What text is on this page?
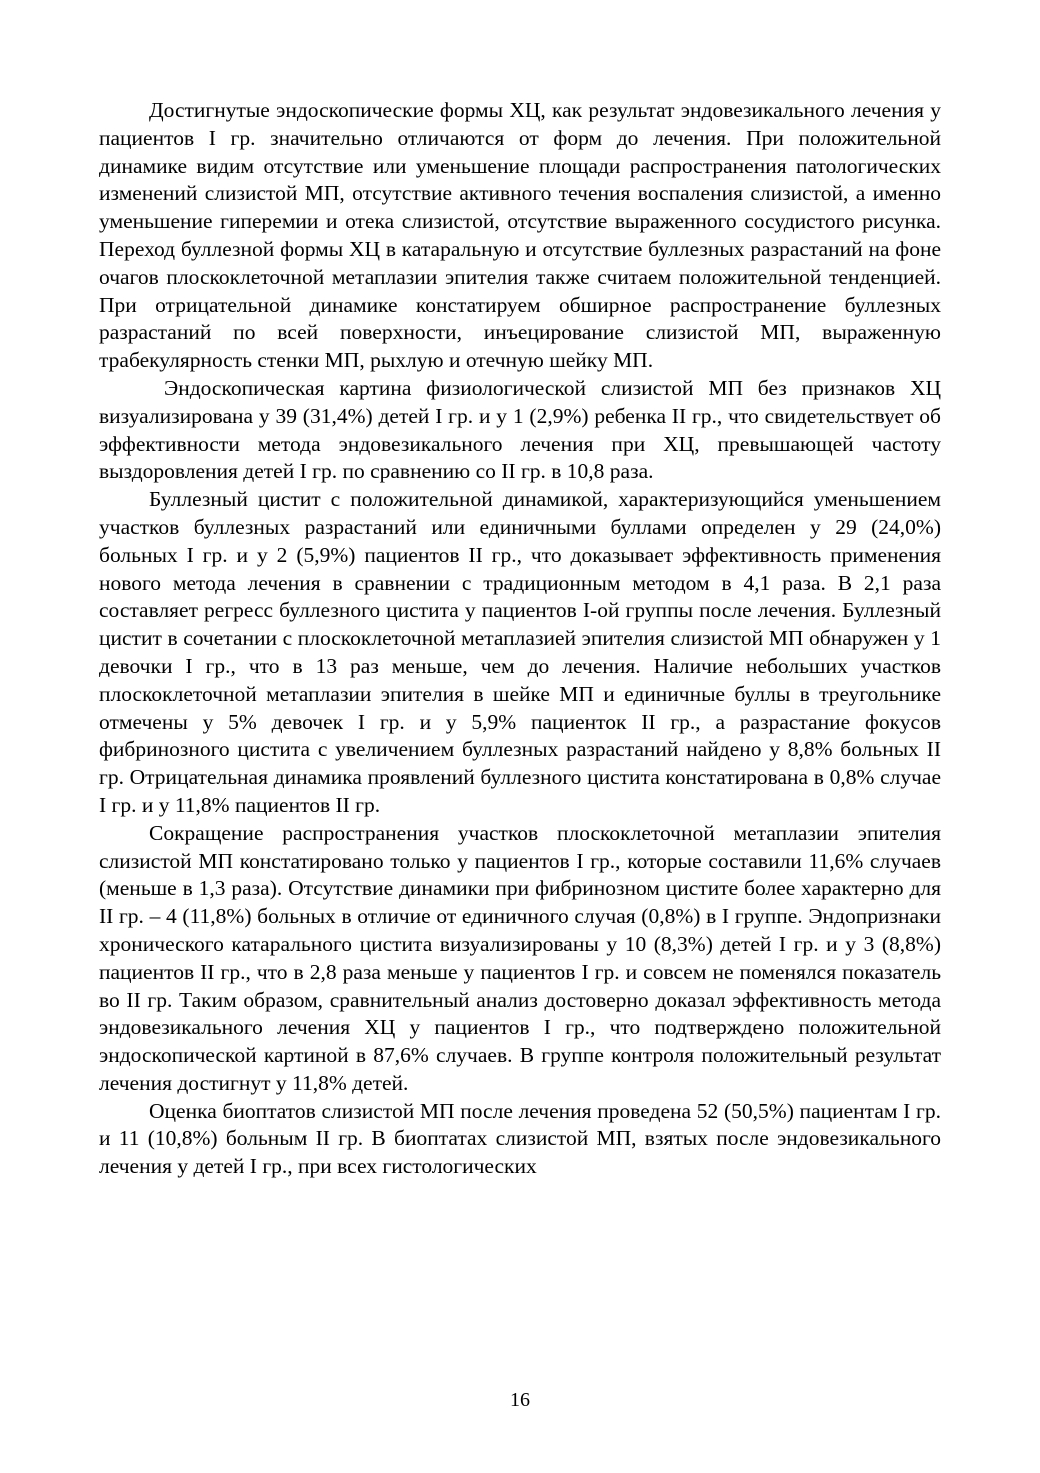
Достигнутые эндоскопические формы ХЦ, как результат эндовезикального лечения у пациентов I гр. значительно отличаются от форм до лечения. При положительной динамике видим отсутствие или уменьшение площади распространения патологических изменений слизистой МП, отсутствие активного течения воспаления слизистой, а именно уменьшение гиперемии и отека слизистой, отсутствие выраженного сосудистого рисунка. Переход буллезной формы ХЦ в катаральную и отсутствие буллезных разрастаний на фоне очагов плоскоклеточной метаплазии эпителия также считаем положительной тенденцией. При отрицательной динамике констатируем обширное распространение буллезных разрастаний по всей поверхности, инъецирование слизистой МП, выраженную трабекулярность стенки МП, рыхлую и отечную шейку МП.

Эндоскопическая картина физиологической слизистой МП без признаков ХЦ визуализирована у 39 (31,4%) детей I гр. и у 1 (2,9%) ребенка II гр., что свидетельствует об эффективности метода эндовезикального лечения при ХЦ, превышающей частоту выздоровления детей I гр. по сравнению со II гр. в 10,8 раза.

Буллезный цистит с положительной динамикой, характеризующийся уменьшением участков буллезных разрастаний или единичными буллами определен у 29 (24,0%) больных I гр. и у 2 (5,9%) пациентов II гр., что доказывает эффективность применения нового метода лечения в сравнении с традиционным методом в 4,1 раза. В 2,1 раза составляет регресс буллезного цистита у пациентов I-ой группы после лечения. Буллезный цистит в сочетании с плоскоклеточной метаплазией эпителия слизистой МП обнаружен у 1 девочки I гр., что в 13 раз меньше, чем до лечения. Наличие небольших участков плоскоклеточной метаплазии эпителия в шейке МП и единичные буллы в треугольнике отмечены у 5% девочек I гр. и у 5,9% пациенток II гр., а разрастание фокусов фибринозного цистита с увеличением буллезных разрастаний найдено у 8,8% больных II гр. Отрицательная динамика проявлений буллезного цистита констатирована в 0,8% случае I гр. и у 11,8% пациентов II гр.

Сокращение распространения участков плоскоклеточной метаплазии эпителия слизистой МП констатировано только у пациентов I гр., которые составили 11,6% случаев (меньше в 1,3 раза). Отсутствие динамики при фибринозном цистите более характерно для II гр. – 4 (11,8%) больных в отличие от единичного случая (0,8%) в I группе. Эндопризнаки хронического катарального цистита визуализированы у 10 (8,3%) детей I гр. и у 3 (8,8%) пациентов II гр., что в 2,8 раза меньше у пациентов I гр. и совсем не поменялся показатель во II гр. Таким образом, сравнительный анализ достоверно доказал эффективность метода эндовезикального лечения ХЦ у пациентов I гр., что подтверждено положительной эндоскопической картиной в 87,6% случаев. В группе контроля положительный результат лечения достигнут у 11,8% детей.

Оценка биоптатов слизистой МП после лечения проведена 52 (50,5%) пациентам I гр. и 11 (10,8%) больным II гр. В биоптатах слизистой МП, взятых после эндовезикального лечения у детей I гр., при всех гистологических

16
